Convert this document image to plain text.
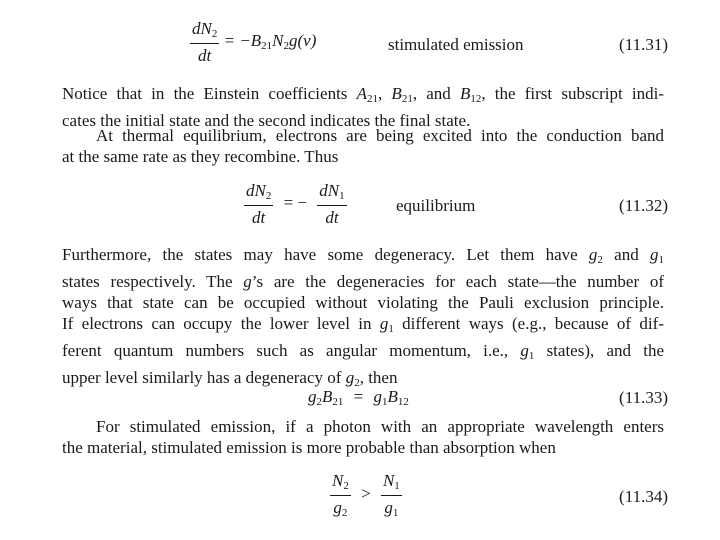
$\frac{dN_2}{dt} = -B_{21}N_2g(\nu)$	stimulated emission	(11.31)
Notice that in the Einstein coefficients $A_{21}$, $B_{21}$, and $B_{12}$, the first subscript indi-
cates the initial state and the second indicates the final state.
At thermal equilibrium, electrons are being excited into the conduction band
at the same rate as they recombine. Thus
$\frac{dN_2}{dt}$ = − $\frac{dN_1}{dt}$	equilibrium	(11.32)
Furthermore, the states may have some degeneracy. Let them have $g_2$ and $g_1$
states respectively. The g’s are the degeneracies for each state—the number of
ways that state can be occupied without violating the Pauli exclusion principle.
If electrons can occupy the lower level in $g_1$ different ways (e.g., because of dif-
ferent quantum numbers such as angular momentum, i.e., $g_1$ states), and the
upper level similarly has a degeneracy of $g_2$, then
$g_2B_{21} = g_1B_{12}$	(11.33)
For stimulated emission, if a photon with an appropriate wavelength enters
the material, stimulated emission is more probable than absorption when
$\frac{N_2}{g_2} > \frac{N_1}{g_1}$	(11.34)
